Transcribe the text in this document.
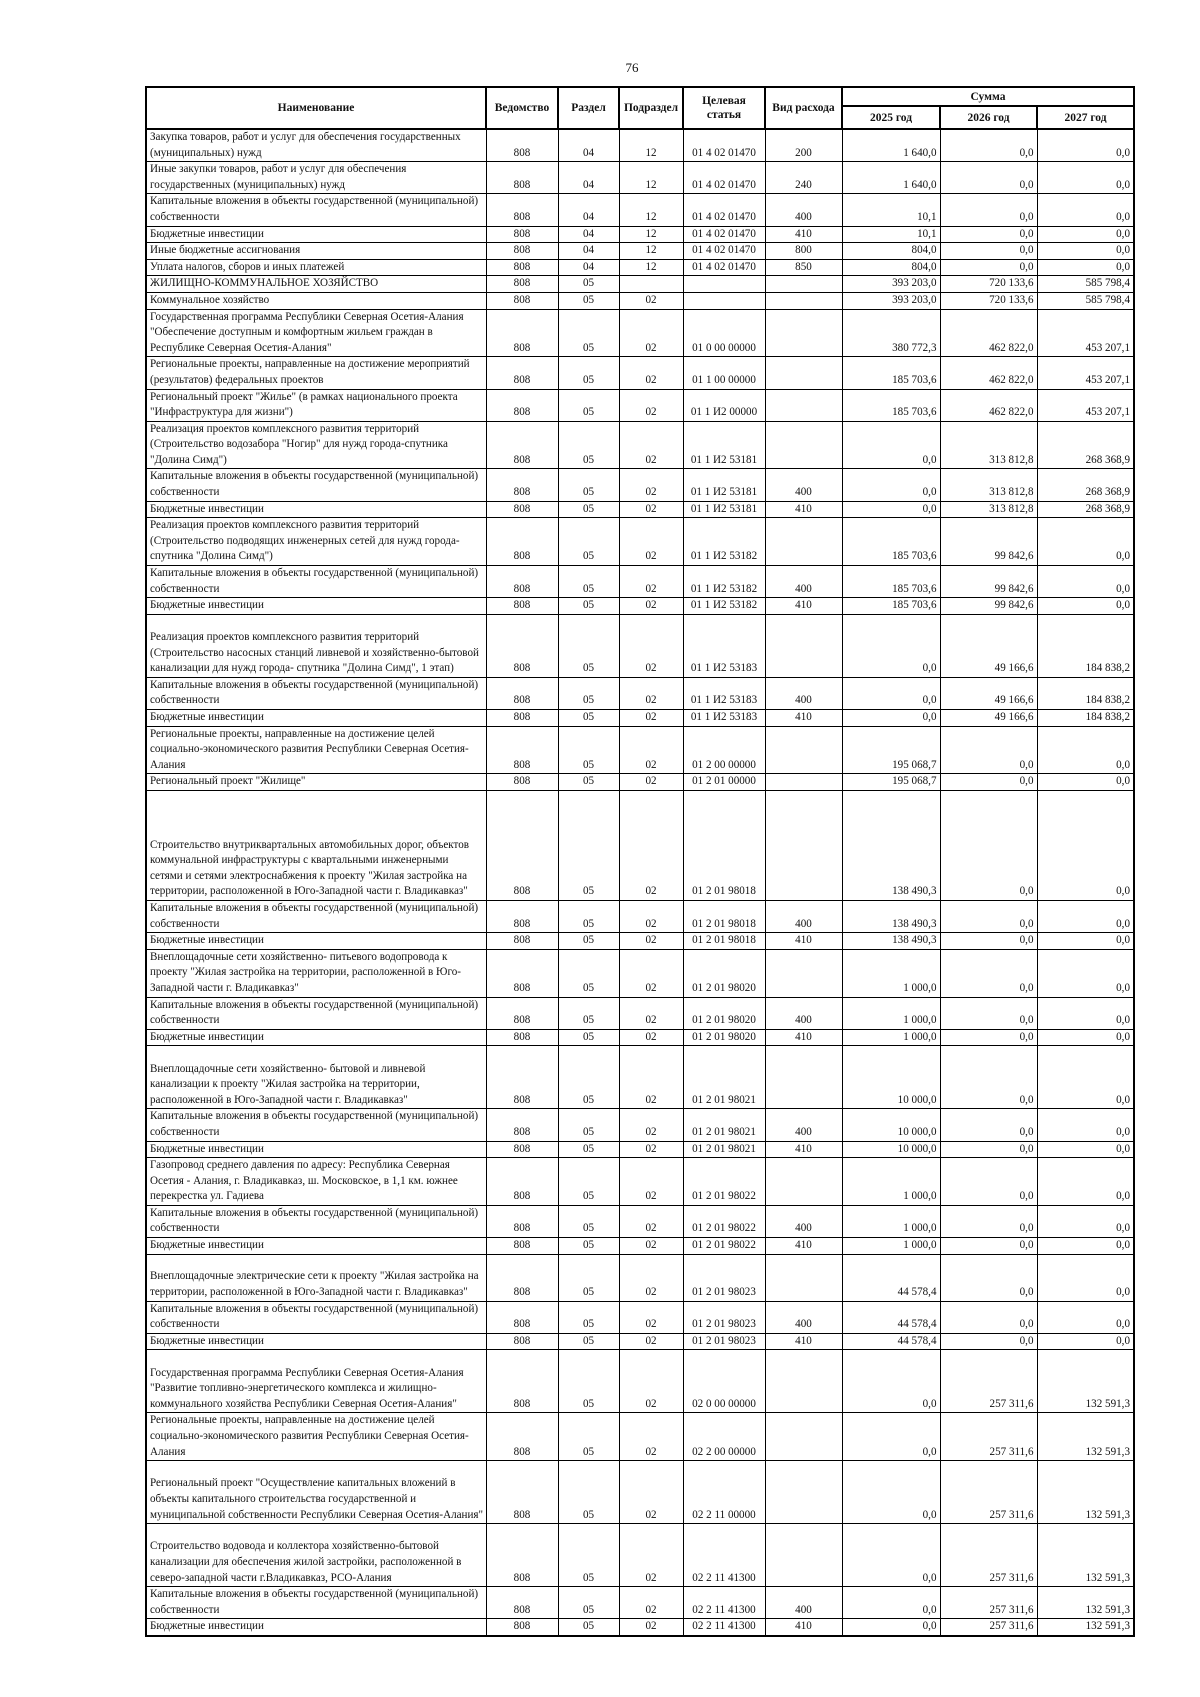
76
Наименование	Ведомство	Раздел	Подраздел	Целевая статья	Вид расхода	Сумма		
						2025 год	2026 год	2027 год
Закупка товаров, работ и услуг для обеспечения государственных (муниципальных) нужд	808	04	12	01 4 02 01470	200	1 640,0	0,0	0,0
Иные закупки товаров, работ и услуг для обеспечения государственных (муниципальных) нужд	808	04	12	01 4 02 01470	240	1 640,0	0,0	0,0
Капитальные вложения в объекты государственной (муниципальной) собственности	808	04	12	01 4 02 01470	400	10,1	0,0	0,0
Бюджетные инвестиции	808	04	12	01 4 02 01470	410	10,1	0,0	0,0
Иные бюджетные ассигнования	808	04	12	01 4 02 01470	800	804,0	0,0	0,0
Уплата налогов, сборов и иных платежей	808	04	12	01 4 02 01470	850	804,0	0,0	0,0
ЖИЛИЩНО-КОММУНАЛЬНОЕ ХОЗЯЙСТВО	808	05				393 203,0	720 133,6	585 798,4
Коммунальное хозяйство	808	05	02			393 203,0	720 133,6	585 798,4
Государственная программа Республики Северная Осетия-Алания "Обеспечение доступным и комфортным жильем граждан в Республике Северная Осетия-Алания"	808	05	02	01 0 00 00000		380 772,3	462 822,0	453 207,1
Региональные проекты, направленные на достижение мероприятий (результатов) федеральных проектов	808	05	02	01 1 00 00000		185 703,6	462 822,0	453 207,1
Региональный проект "Жилье" (в рамках национального проекта "Инфраструктура для жизни")	808	05	02	01 1 И2 00000		185 703,6	462 822,0	453 207,1
Реализация проектов комплексного развития территорий (Строительство водозабора "Ногир" для нужд города-спутника "Долина Симд")	808	05	02	01 1 И2 53181		0,0	313 812,8	268 368,9
Капитальные вложения в объекты государственной (муниципальной) собственности	808	05	02	01 1 И2 53181	400	0,0	313 812,8	268 368,9
Бюджетные инвестиции	808	05	02	01 1 И2 53181	410	0,0	313 812,8	268 368,9
Реализация проектов комплексного развития территорий (Строительство подводящих инженерных сетей для нужд города- спутника "Долина Симд")	808	05	02	01 1 И2 53182		185 703,6	99 842,6	0,0
Капитальные вложения в объекты государственной (муниципальной) собственности	808	05	02	01 1 И2 53182	400	185 703,6	99 842,6	0,0
Бюджетные инвестиции	808	05	02	01 1 И2 53182	410	185 703,6	99 842,6	0,0
Реализация проектов комплексного развития территорий (Строительство насосных станций ливневой и хозяйственно-бытовой канализации для нужд города- спутника "Долина Симд", 1 этап)	808	05	02	01 1 И2 53183		0,0	49 166,6	184 838,2
Капитальные вложения в объекты государственной (муниципальной) собственности	808	05	02	01 1 И2 53183	400	0,0	49 166,6	184 838,2
Бюджетные инвестиции	808	05	02	01 1 И2 53183	410	0,0	49 166,6	184 838,2
Региональные проекты, направленные на достижение целей социально-экономического развития Республики Северная Осетия-Алания	808	05	02	01 2 00 00000		195 068,7	0,0	0,0
Региональный проект "Жилище"	808	05	02	01 2 01 00000		195 068,7	0,0	0,0
Строительство внутриквартальных автомобильных дорог, объектов коммунальной инфраструктуры с квартальными инженерными сетями и сетями электроснабжения к проекту "Жилая застройка на территории, расположенной в Юго-Западной части г. Владикавказ"	808	05	02	01 2 01 98018		138 490,3	0,0	0,0
Капитальные вложения в объекты государственной (муниципальной) собственности	808	05	02	01 2 01 98018	400	138 490,3	0,0	0,0
Бюджетные инвестиции	808	05	02	01 2 01 98018	410	138 490,3	0,0	0,0
Внеплощадочные сети хозяйственно- питьевого водопровода к проекту "Жилая застройка на территории, расположенной в Юго-Западной части г. Владикавказ"	808	05	02	01 2 01 98020		1 000,0	0,0	0,0
Капитальные вложения в объекты государственной (муниципальной) собственности	808	05	02	01 2 01 98020	400	1 000,0	0,0	0,0
Бюджетные инвестиции	808	05	02	01 2 01 98020	410	1 000,0	0,0	0,0
Внеплощадочные сети хозяйственно- бытовой и ливневой канализации к проекту "Жилая застройка на территории, расположенной в Юго-Западной части г. Владикавказ"	808	05	02	01 2 01 98021		10 000,0	0,0	0,0
Капитальные вложения в объекты государственной (муниципальной) собственности	808	05	02	01 2 01 98021	400	10 000,0	0,0	0,0
Бюджетные инвестиции	808	05	02	01 2 01 98021	410	10 000,0	0,0	0,0
Газопровод среднего давления по адресу: Республика Северная Осетия - Алания, г. Владикавказ, ш. Московское, в 1,1 км. южнее перекрестка ул. Гадиева	808	05	02	01 2 01 98022		1 000,0	0,0	0,0
Капитальные вложения в объекты государственной (муниципальной) собственности	808	05	02	01 2 01 98022	400	1 000,0	0,0	0,0
Бюджетные инвестиции	808	05	02	01 2 01 98022	410	1 000,0	0,0	0,0
Внеплощадочные электрические сети к проекту "Жилая застройка на территории, расположенной в Юго-Западной части г. Владикавказ"	808	05	02	01 2 01 98023		44 578,4	0,0	0,0
Капитальные вложения в объекты государственной (муниципальной) собственности	808	05	02	01 2 01 98023	400	44 578,4	0,0	0,0
Бюджетные инвестиции	808	05	02	01 2 01 98023	410	44 578,4	0,0	0,0
Государственная программа Республики Северная Осетия-Алания "Развитие топливно-энергетического комплекса и жилищно-коммунального хозяйства Республики Северная Осетия-Алания"	808	05	02	02 0 00 00000		0,0	257 311,6	132 591,3
Региональные проекты, направленные на достижение целей социально-экономического развития Республики Северная Осетия-Алания	808	05	02	02 2 00 00000		0,0	257 311,6	132 591,3
Региональный проект "Осуществление капитальных вложений в объекты капитального строительства государственной и муниципальной собственности Республики Северная Осетия-Алания"	808	05	02	02 2 11 00000		0,0	257 311,6	132 591,3
Строительство водовода и коллектора хозяйственно-бытовой канализации для обеспечения жилой застройки, расположенной в северо-западной части г.Владикавказ, РСО-Алания	808	05	02	02 2 11 41300		0,0	257 311,6	132 591,3
Капитальные вложения в объекты государственной (муниципальной) собственности	808	05	02	02 2 11 41300	400	0,0	257 311,6	132 591,3
Бюджетные инвестиции	808	05	02	02 2 11 41300	410	0,0	257 311,6	132 591,3
